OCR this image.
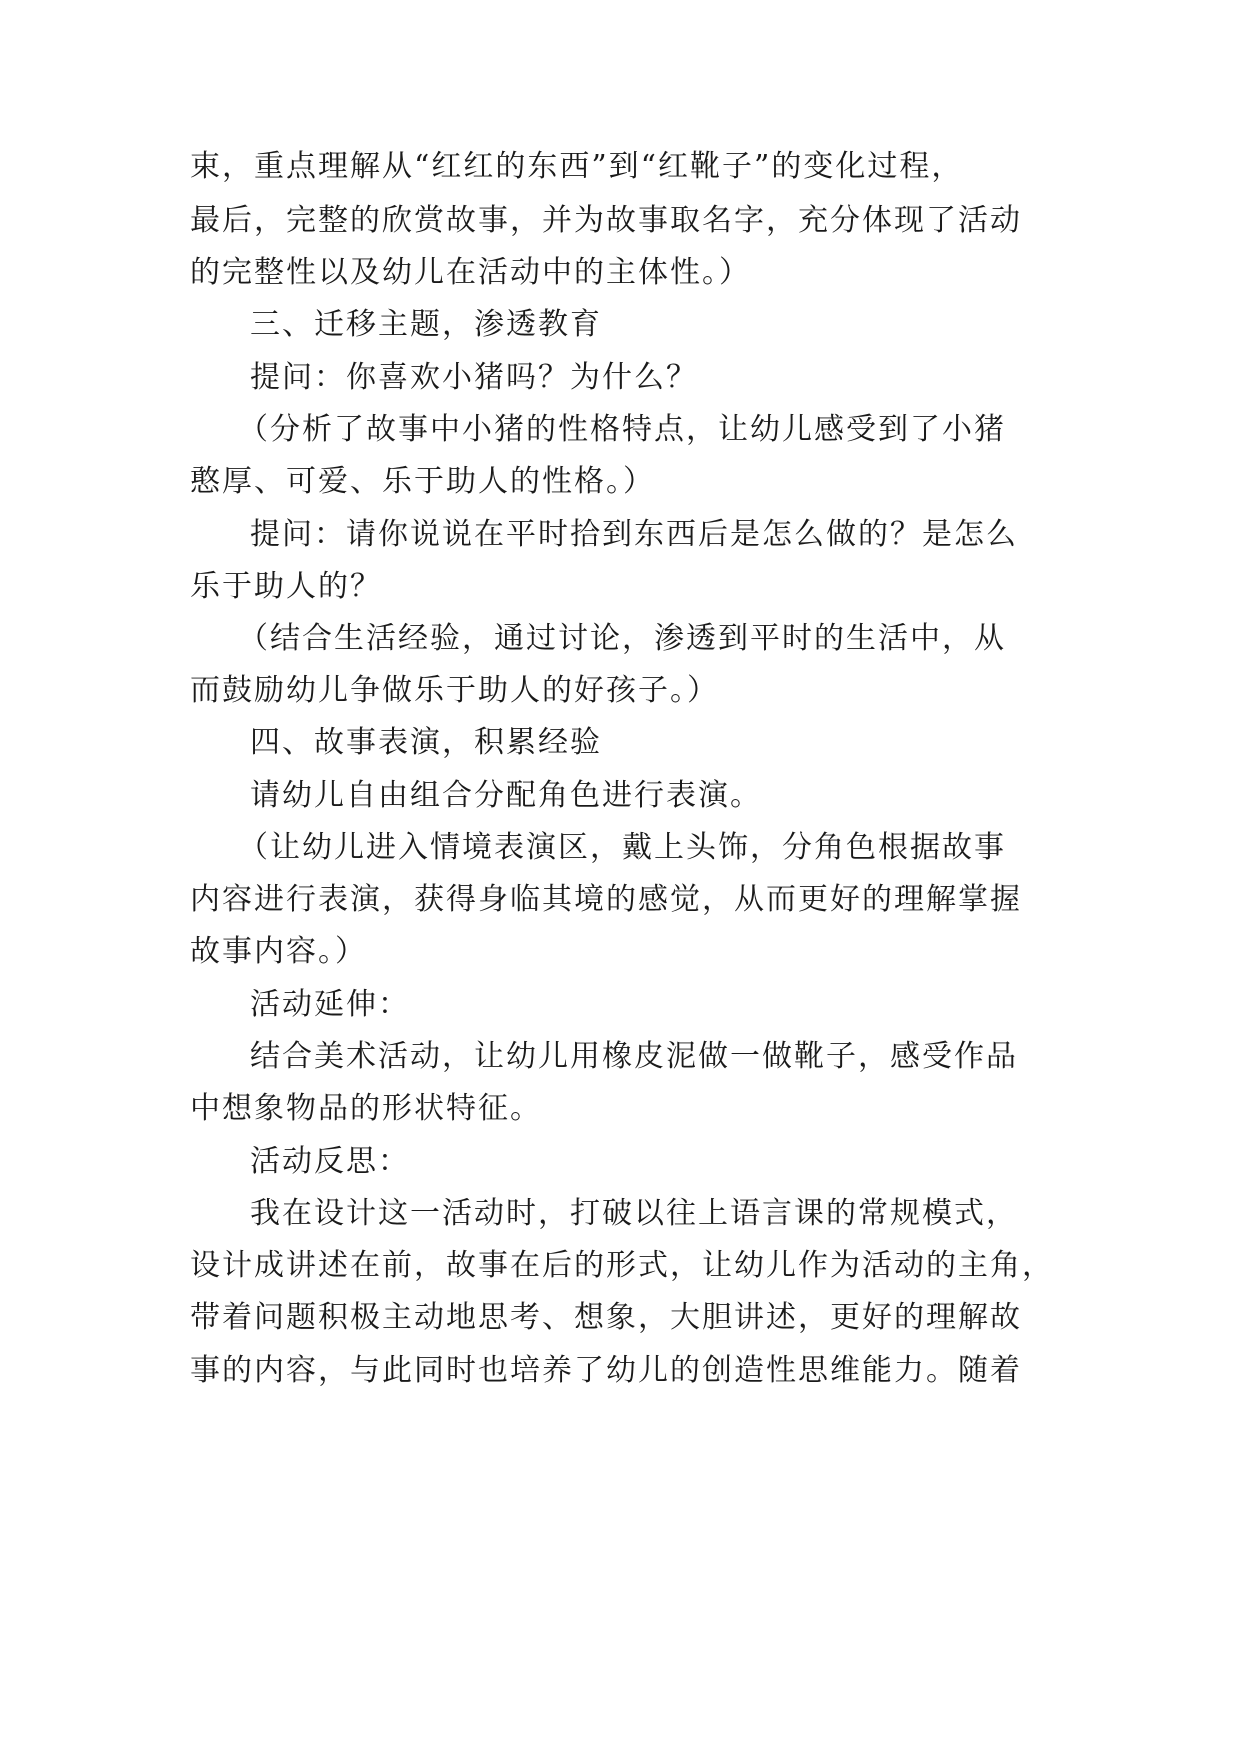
束，重点理解从“红红的东西”到“红靴子”的变化过程，
最后，完整的欣赏故事，并为故事取名字，充分体现了活动
的完整性以及幼儿在活动中的主体性。）
三、迁移主题，渗透教育
提问：你喜欢小猪吗？为什么？
（分析了故事中小猪的性格特点，让幼儿感受到了小猪
憨厚、可爱、乐于助人的性格。）
提问：请你说说在平时拾到东西后是怎么做的？是怎么
乐于助人的？
（结合生活经验，通过讨论，渗透到平时的生活中，从
而鼓励幼儿争做乐于助人的好孩子。）
四、故事表演，积累经验
请幼儿自由组合分配角色进行表演。
（让幼儿进入情境表演区，戴上头饰，分角色根据故事
内容进行表演，获得身临其境的感觉，从而更好的理解掌握
故事内容。）
活动延伸：
结合美术活动，让幼儿用橡皮泥做一做靴子，感受作品
中想象物品的形状特征。
活动反思：
我在设计这一活动时，打破以往上语言课的常规模式，
设计成讲述在前，故事在后的形式，让幼儿作为活动的主角，
带着问题积极主动地思考、想象，大胆讲述，更好的理解故
事的内容，与此同时也培养了幼儿的创造性思维能力。随着
